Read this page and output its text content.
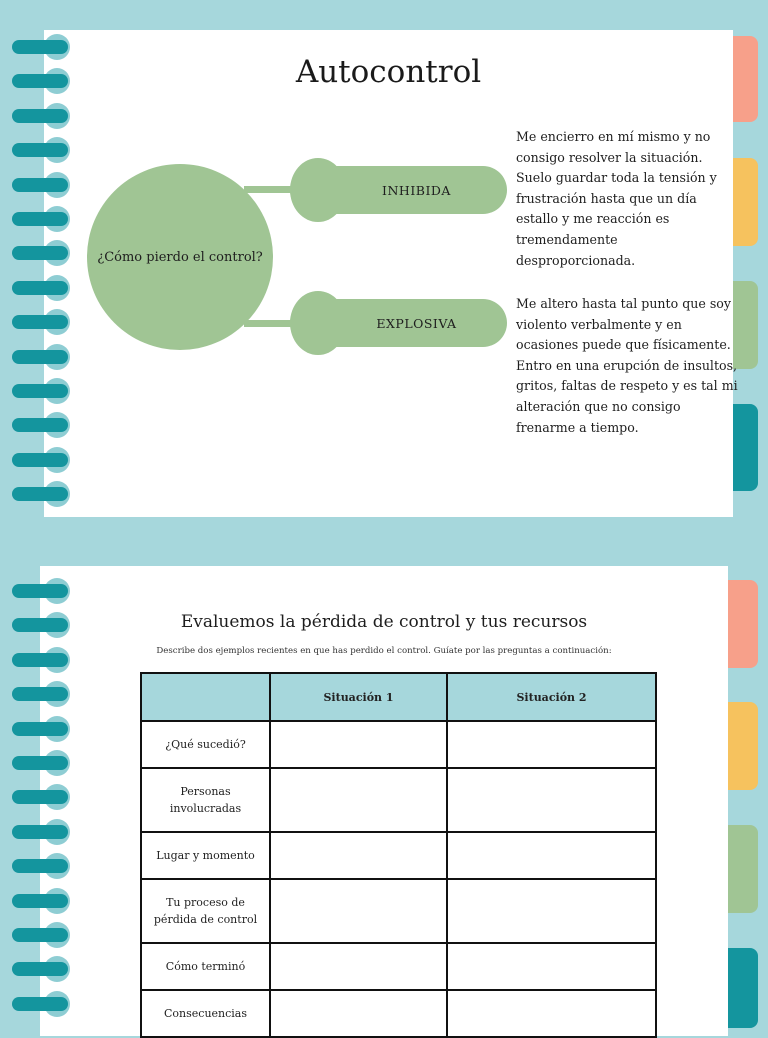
Autocontrol
¿Cómo pierdo el control?
INHIBIDA
EXPLOSIVA

Me encierro en mí mismo y no consigo resolver la situación. Suelo guardar toda la tensión y frustración hasta que un día estallo y me reacción es tremendamente desproporcionada.

Me altero hasta tal punto que soy violento verbalmente y en ocasiones puede que físicamente. Entro en una erupción de insultos, gritos, faltas de respeto y es tal mi alteración que no consigo frenarme a tiempo.

Evaluemos la pérdida de control y tus recursos

Describe dos ejemplos recientes en que has perdido el control. Guíate por las preguntas a continuación:

	Situación 1	Situación 2
¿Qué sucedió?		
Personas involucradas		
Lugar y momento		
Tu proceso de pérdida de control		
Cómo terminó		
Consecuencias		
